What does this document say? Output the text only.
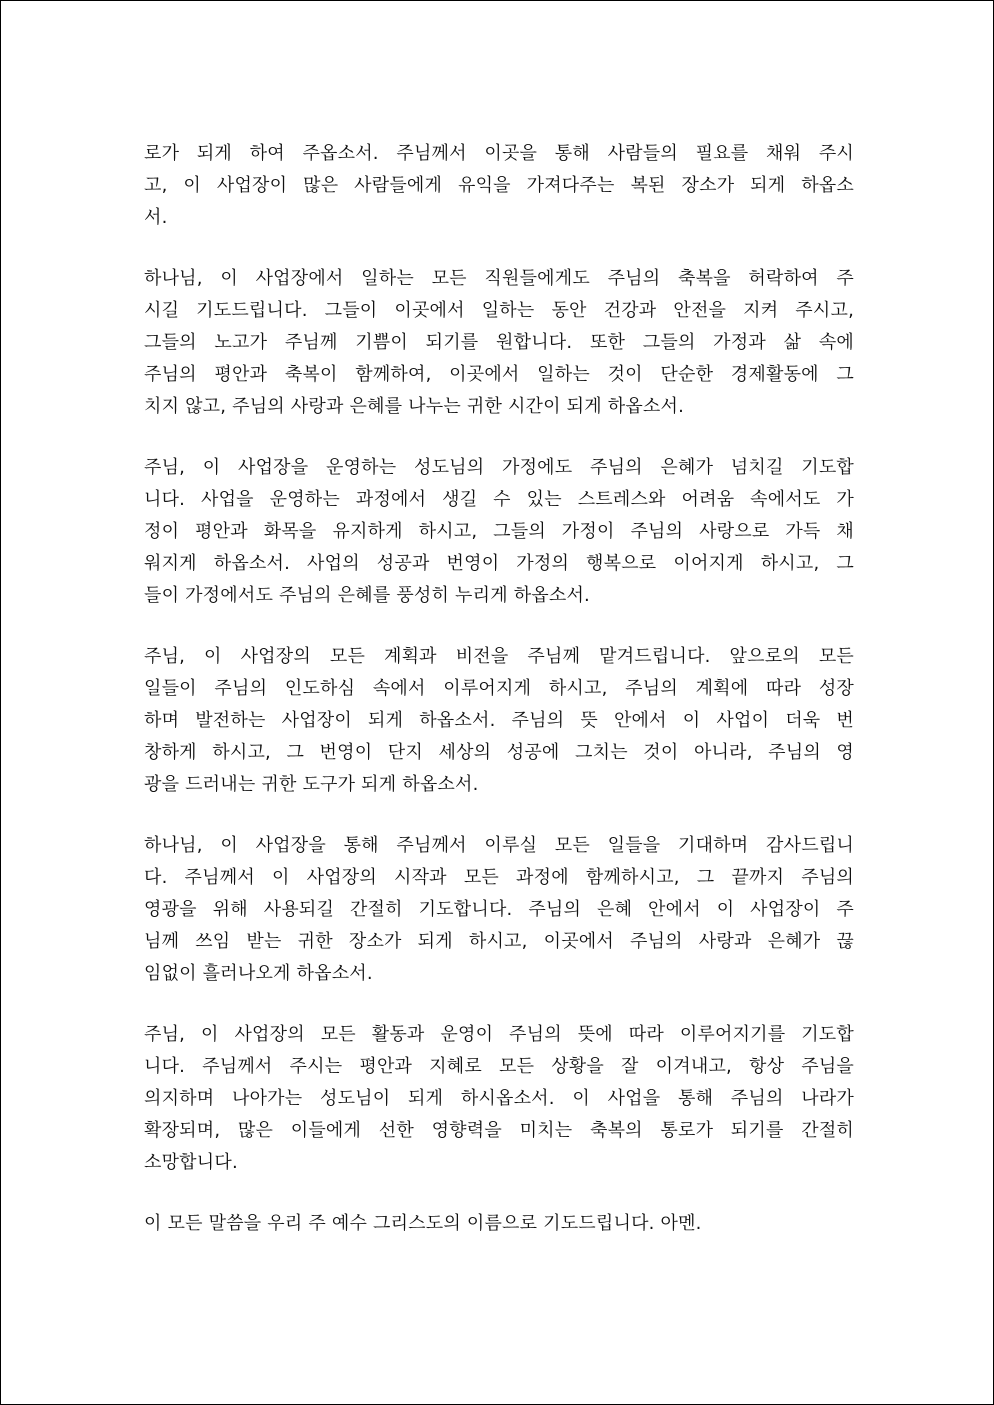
로가 되게 하여 주옵소서. 주님께서 이곳을 통해 사람들의 필요를 채워 주시
고, 이 사업장이 많은 사람들에게 유익을 가져다주는 복된 장소가 되게 하옵소
서.

하나님, 이 사업장에서 일하는 모든 직원들에게도 주님의 축복을 허락하여 주
시길 기도드립니다. 그들이 이곳에서 일하는 동안 건강과 안전을 지켜 주시고,
그들의 노고가 주님께 기쁨이 되기를 원합니다. 또한 그들의 가정과 삶 속에
주님의 평안과 축복이 함께하여, 이곳에서 일하는 것이 단순한 경제활동에 그
치지 않고, 주님의 사랑과 은혜를 나누는 귀한 시간이 되게 하옵소서.

주님, 이 사업장을 운영하는 성도님의 가정에도 주님의 은혜가 넘치길 기도합
니다. 사업을 운영하는 과정에서 생길 수 있는 스트레스와 어려움 속에서도 가
정이 평안과 화목을 유지하게 하시고, 그들의 가정이 주님의 사랑으로 가득 채
워지게 하옵소서. 사업의 성공과 번영이 가정의 행복으로 이어지게 하시고, 그
들이 가정에서도 주님의 은혜를 풍성히 누리게 하옵소서.

주님, 이 사업장의 모든 계획과 비전을 주님께 맡겨드립니다. 앞으로의 모든
일들이 주님의 인도하심 속에서 이루어지게 하시고, 주님의 계획에 따라 성장
하며 발전하는 사업장이 되게 하옵소서. 주님의 뜻 안에서 이 사업이 더욱 번
창하게 하시고, 그 번영이 단지 세상의 성공에 그치는 것이 아니라, 주님의 영
광을 드러내는 귀한 도구가 되게 하옵소서.

하나님, 이 사업장을 통해 주님께서 이루실 모든 일들을 기대하며 감사드립니
다. 주님께서 이 사업장의 시작과 모든 과정에 함께하시고, 그 끝까지 주님의
영광을 위해 사용되길 간절히 기도합니다. 주님의 은혜 안에서 이 사업장이 주
님께 쓰임 받는 귀한 장소가 되게 하시고, 이곳에서 주님의 사랑과 은혜가 끊
임없이 흘러나오게 하옵소서.

주님, 이 사업장의 모든 활동과 운영이 주님의 뜻에 따라 이루어지기를 기도합
니다. 주님께서 주시는 평안과 지혜로 모든 상황을 잘 이겨내고, 항상 주님을
의지하며 나아가는 성도님이 되게 하시옵소서. 이 사업을 통해 주님의 나라가
확장되며, 많은 이들에게 선한 영향력을 미치는 축복의 통로가 되기를 간절히
소망합니다.

이 모든 말씀을 우리 주 예수 그리스도의 이름으로 기도드립니다. 아멘.
